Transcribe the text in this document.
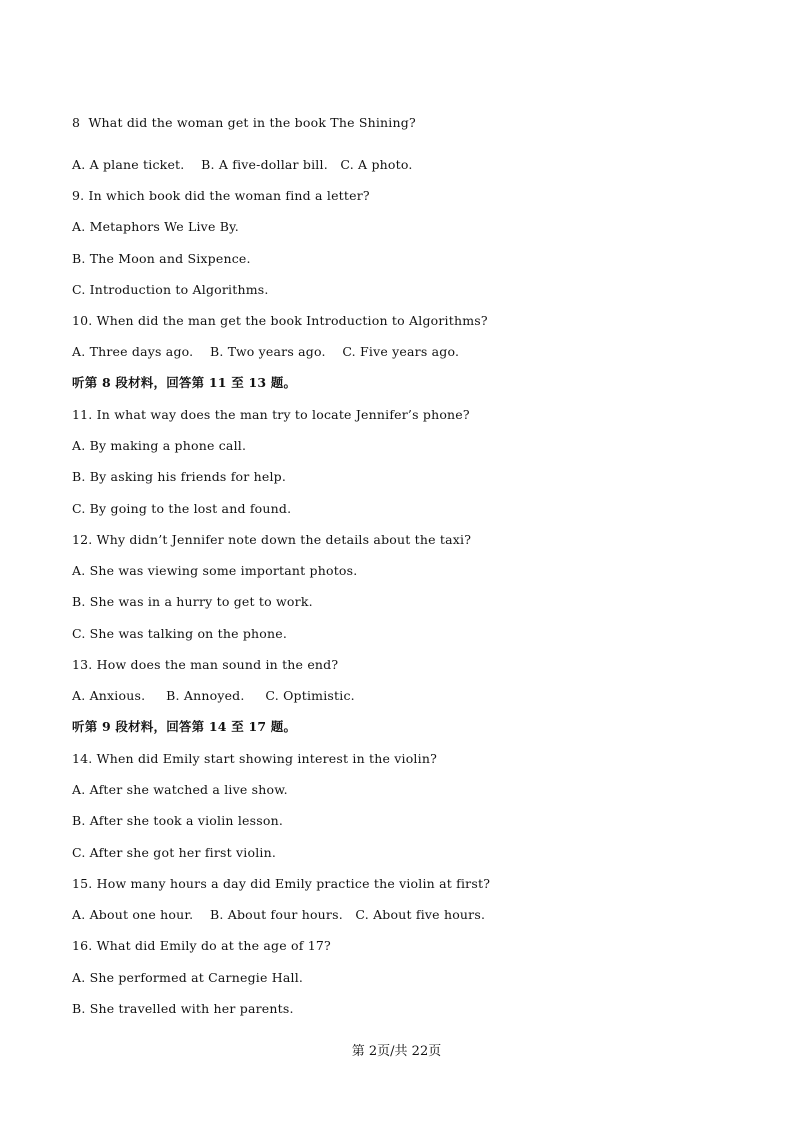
8  What did the woman get in the book The Shining?
A. A plane ticket.    B. A five-dollar bill.   C. A photo.
9. In which book did the woman find a letter?
A. Metaphors We Live By.
B. The Moon and Sixpence.
C. Introduction to Algorithms.
10. When did the man get the book Introduction to Algorithms?
A. Three days ago.    B. Two years ago.    C. Five years ago.
听第 8 段材料，回答第 11 至 13 题。
11. In what way does the man try to locate Jennifer’s phone?
A. By making a phone call.
B. By asking his friends for help.
C. By going to the lost and found.
12. Why didn’t Jennifer note down the details about the taxi?
A. She was viewing some important photos.
B. She was in a hurry to get to work.
C. She was talking on the phone.
13. How does the man sound in the end?
A. Anxious.     B. Annoyed.     C. Optimistic.
听第 9 段材料，回答第 14 至 17 题。
14. When did Emily start showing interest in the violin?
A. After she watched a live show.
B. After she took a violin lesson.
C. After she got her first violin.
15. How many hours a day did Emily practice the violin at first?
A. About one hour.    B. About four hours.   C. About five hours.
16. What did Emily do at the age of 17?
A. She performed at Carnegie Hall.
B. She travelled with her parents.
第 2页/共 22页
